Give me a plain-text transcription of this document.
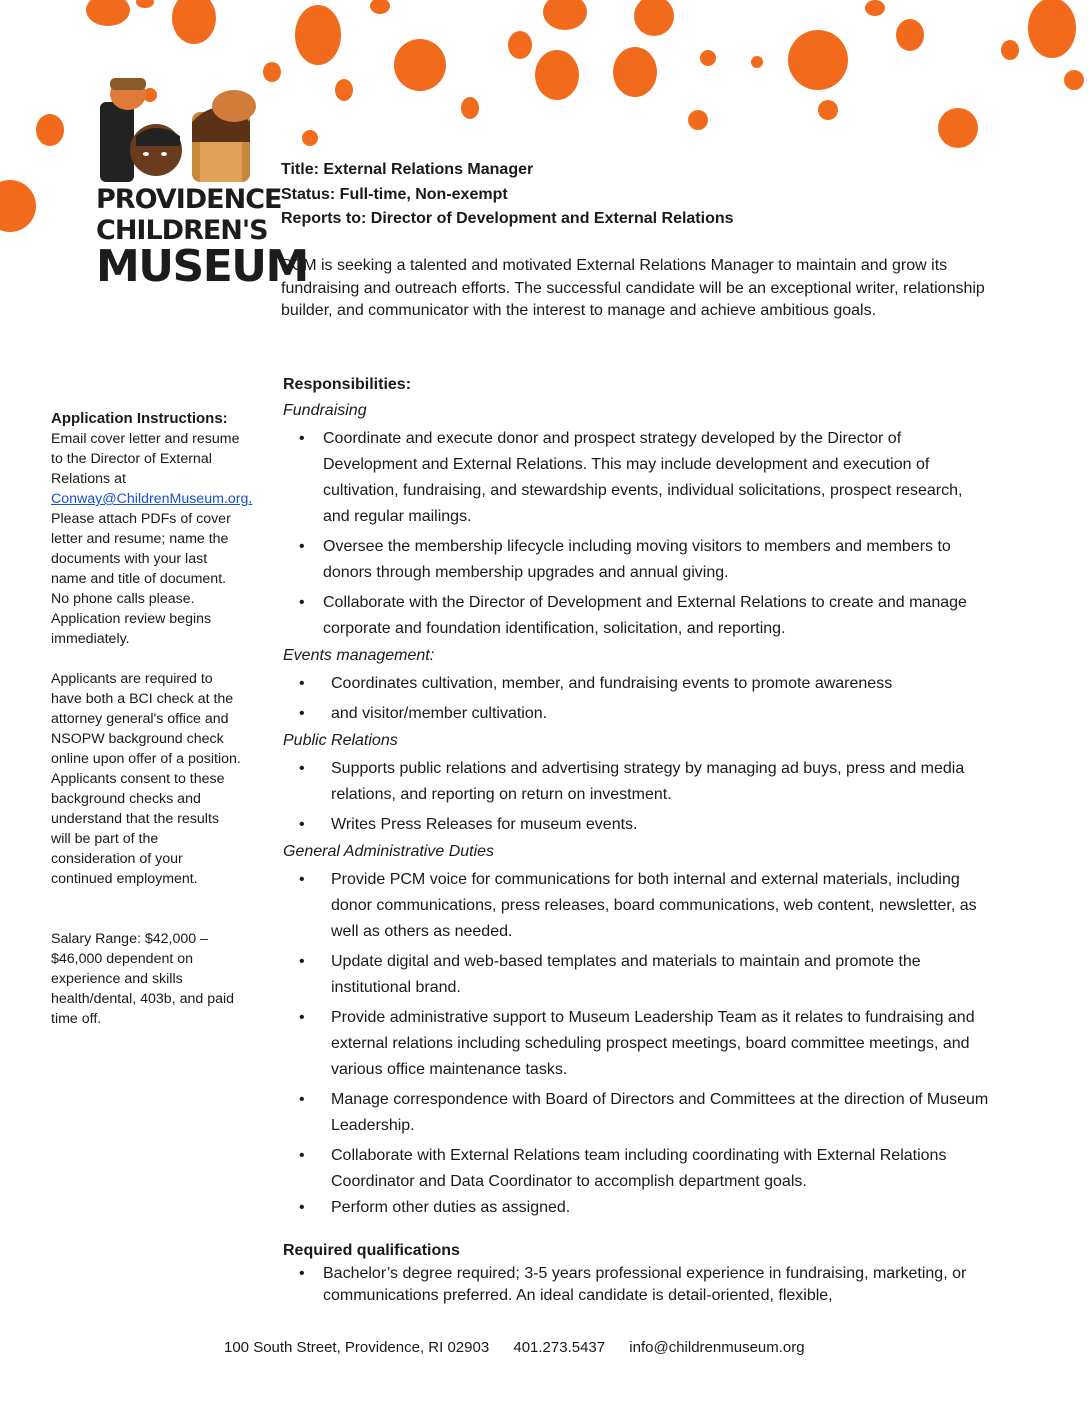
PROVIDENCE
CHILDREN'S
MUSEUM
Title: External Relations Manager
Status: Full-time, Non-exempt
Reports to: Director of Development and External Relations
PCM is seeking a talented and motivated External Relations Manager to maintain and grow its fundraising and outreach efforts. The successful candidate will be an exceptional writer, relationship builder, and communicator with the interest to manage and achieve ambitious goals.
Application Instructions:

Email cover letter and resume to the Director of External Relations at Conway@ChildrenMuseum.org. Please attach PDFs of cover letter and resume; name the documents with your last name and title of document. No phone calls please. Application review begins immediately.

Applicants are required to have both a BCI check at the attorney general's office and NSOPW background check online upon offer of a position. Applicants consent to these background checks and understand that the results will be part of the consideration of your continued employment.

Salary Range: $42,000 – $46,000 dependent on experience and skills health/dental, 403b, and paid time off.

Responsibilities:
Fundraising
• Coordinate and execute donor and prospect strategy developed by the Director of Development and External Relations. This may include development and execution of cultivation, fundraising, and stewardship events, individual solicitations, prospect research, and regular mailings.
• Oversee the membership lifecycle including moving visitors to members and members to donors through membership upgrades and annual giving.
• Collaborate with the Director of Development and External Relations to create and manage corporate and foundation identification, solicitation, and reporting.
Events management:
• Coordinates cultivation, member, and fundraising events to promote awareness
• and visitor/member cultivation.
Public Relations
• Supports public relations and advertising strategy by managing ad buys, press and media relations, and reporting on return on investment.
• Writes Press Releases for museum events.
General Administrative Duties
• Provide PCM voice for communications for both internal and external materials, including donor communications, press releases, board communications, web content, newsletter, as well as others as needed.
• Update digital and web-based templates and materials to maintain and promote the institutional brand.
• Provide administrative support to Museum Leadership Team as it relates to fundraising and external relations including scheduling prospect meetings, board committee meetings, and various office maintenance tasks.
• Manage correspondence with Board of Directors and Committees at the direction of Museum Leadership.
• Collaborate with External Relations team including coordinating with External Relations Coordinator and Data Coordinator to accomplish department goals.
• Perform other duties as assigned.
Required qualifications
• Bachelor’s degree required; 3-5 years professional experience in fundraising, marketing, or communications preferred. An ideal candidate is detail-oriented, flexible,
100 South Street, Providence, RI 02903 401.273.5437 info@childrenmuseum.org
